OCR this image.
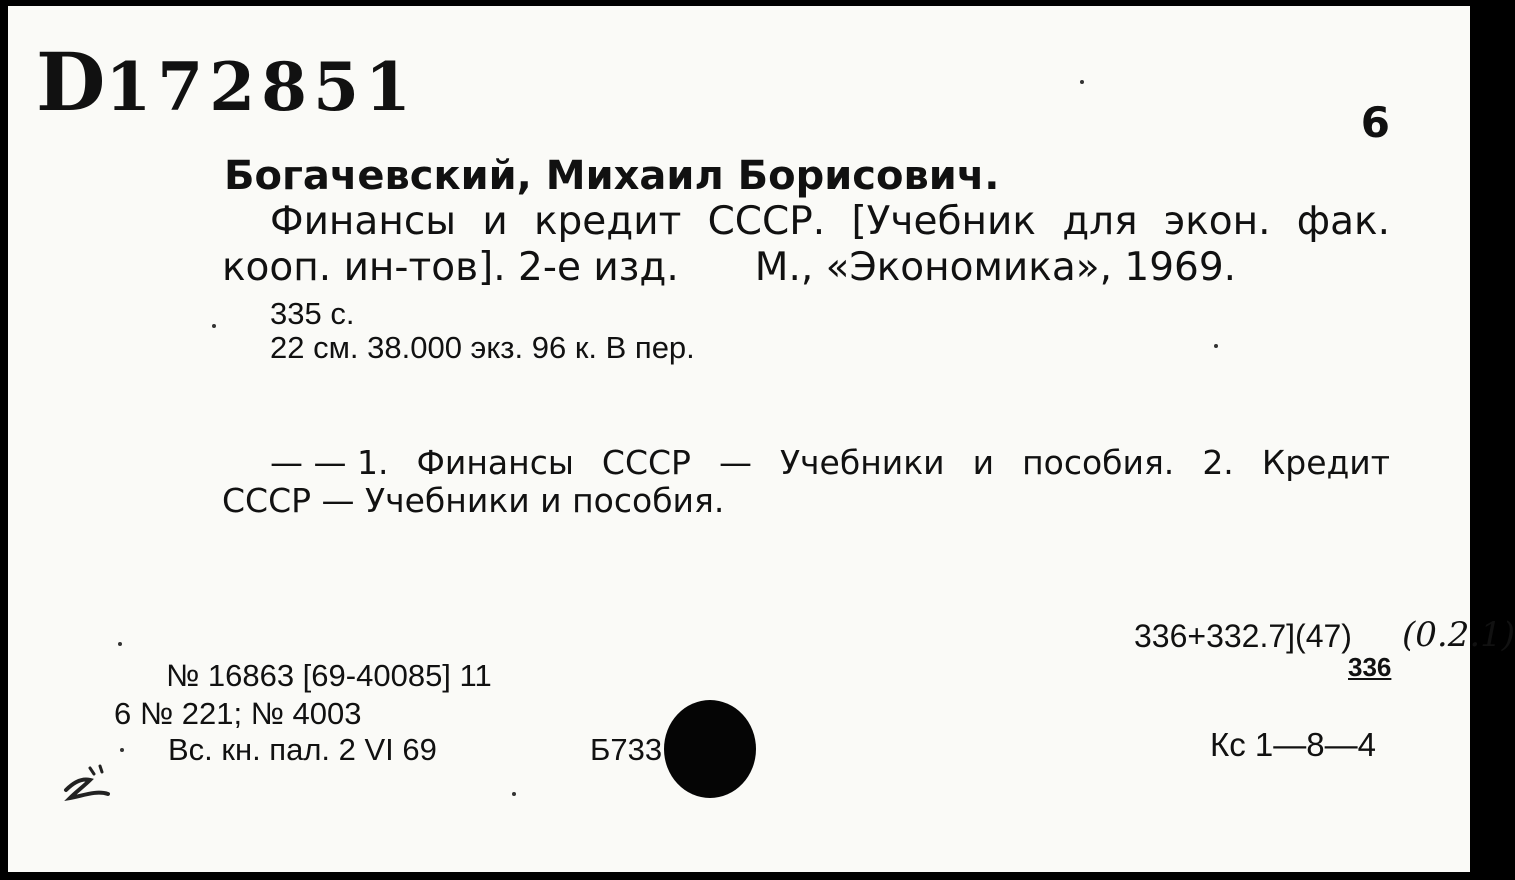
D172851	6
Богачевский, Михаил Борисович.
Финансы и кредит СССР. [Учебник для экон. фак.
кооп. ин-тов]. 2-е изд. М., «Экономика», 1969.
335 с.
22 см. 38.000 экз. 96 к. В пер.
— — 1. Финансы СССР — Учебники и пособия. 2. Кредит
СССР — Учебники и пособия.
336+332.7](47) (0.2.1)
336
№ 16863 [69-40085] 11
6 № 221; № 4003
Вс. кн. пал. 2 VI 69	Б733	Кс 1—8—4
